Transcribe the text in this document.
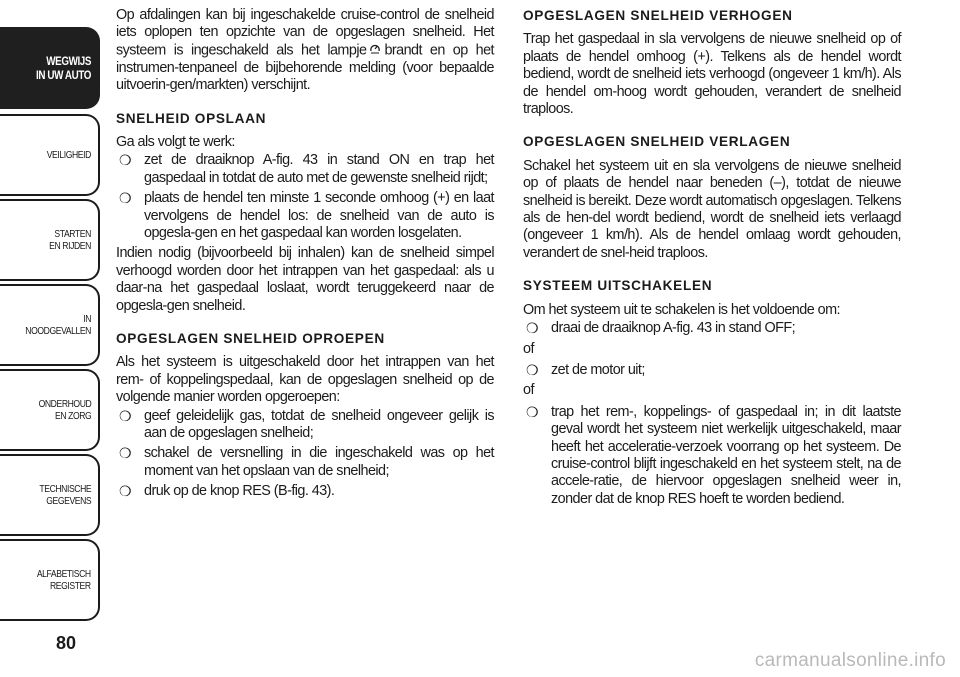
WEGWIJS
IN UW AUTO
VEILIGHEID
STARTEN
EN RIJDEN
IN NOODGEVALLEN
ONDERHOUD
EN ZORG
TECHNISCHE
GEGEVENS
ALFABETISCH
REGISTER
80

Op afdalingen kan bij ingeschakelde cruise-control de snelheid iets oplopen ten opzichte van de opgeslagen snelheid. Het systeem is ingeschakeld als het lampje brandt en op het instrumen-tenpaneel de bijbehorende melding (voor bepaalde uitvoerin-gen/markten) verschijnt.

SNELHEID OPSLAAN

Ga als volgt te werk:

❍ zet de draaiknop A-fig. 43 in stand ON en trap het gaspedaal in totdat de auto met de gewenste snelheid rijdt;
❍ plaats de hendel ten minste 1 seconde omhoog (+) en laat vervolgens de hendel los: de snelheid van de auto is opgesla-gen en het gaspedaal kan worden losgelaten.

Indien nodig (bijvoorbeeld bij inhalen) kan de snelheid simpel verhoogd worden door het intrappen van het gaspedaal: als u daar-na het gaspedaal loslaat, wordt teruggekeerd naar de opgesla-gen snelheid.

OPGESLAGEN SNELHEID OPROEPEN

Als het systeem is uitgeschakeld door het intrappen van het rem- of koppelingspedaal, kan de opgeslagen snelheid op de volgende manier worden opgeroepen:

❍ geef geleidelijk gas, totdat de snelheid ongeveer gelijk is aan de opgeslagen snelheid;
❍ schakel de versnelling in die ingeschakeld was op het moment van het opslaan van de snelheid;
❍ druk op de knop RES (B-fig. 43).
OPGESLAGEN SNELHEID VERHOGEN

Trap het gaspedaal in sla vervolgens de nieuwe snelheid op of plaats de hendel omhoog (+). Telkens als de hendel wordt bediend, wordt de snelheid iets verhoogd (ongeveer 1 km/h). Als de hendel om-hoog wordt gehouden, verandert de snelheid traploos.

OPGESLAGEN SNELHEID VERLAGEN

Schakel het systeem uit en sla vervolgens de nieuwe snelheid op of plaats de hendel naar beneden (–), totdat de nieuwe snelheid is bereikt. Deze wordt automatisch opgeslagen. Telkens als de hen-del wordt bediend, wordt de snelheid iets verlaagd (ongeveer 1 km/h). Als de hendel omlaag wordt gehouden, verandert de snel-heid traploos.

SYSTEEM UITSCHAKELEN

Om het systeem uit te schakelen is het voldoende om:

❍ draai de draaiknop A-fig. 43 in stand OFF;

of

❍ zet de motor uit;

of

❍ trap het rem-, koppelings- of gaspedaal in; in dit laatste geval wordt het systeem niet werkelijk uitgeschakeld, maar heeft het acceleratie-verzoek voorrang op het systeem. De cruise-control blijft ingeschakeld en het systeem stelt, na de accele-ratie, de hiervoor opgeslagen snelheid weer in, zonder dat de knop RES hoeft te worden bediend.
carmanualsonline.info
